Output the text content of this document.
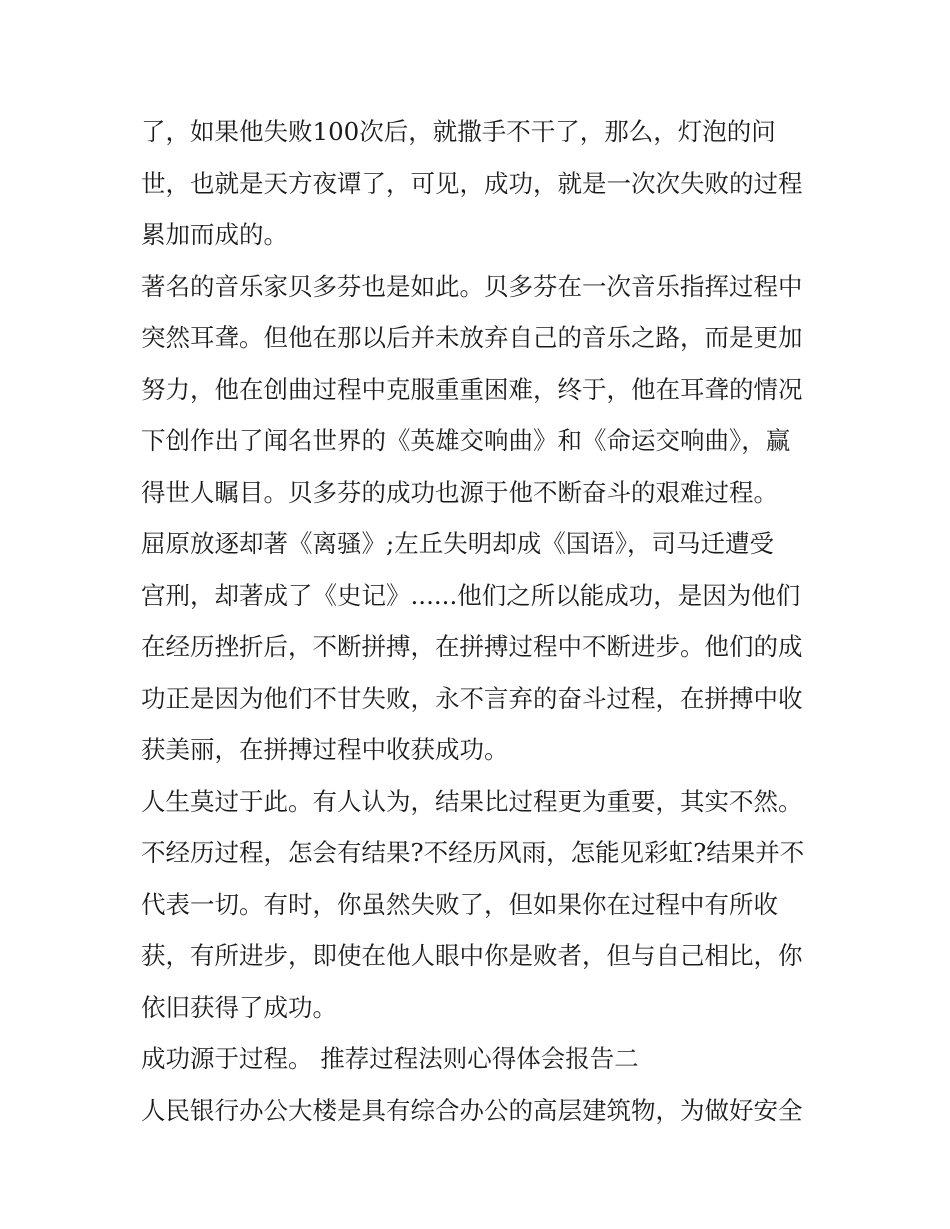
了，如果他失败100次后，就撒手不干了，那么，灯泡的问
世，也就是天方夜谭了，可见，成功，就是一次次失败的过程
累加而成的。
著名的音乐家贝多芬也是如此。贝多芬在一次音乐指挥过程中
突然耳聋。但他在那以后并未放弃自己的音乐之路，而是更加
努力，他在创曲过程中克服重重困难，终于，他在耳聋的情况
下创作出了闻名世界的《英雄交响曲》和《命运交响曲》，赢
得世人瞩目。贝多芬的成功也源于他不断奋斗的艰难过程。
屈原放逐却著《离骚》;左丘失明却成《国语》，司马迁遭受
宫刑，却著成了《史记》......他们之所以能成功，是因为他们
在经历挫折后，不断拼搏，在拼搏过程中不断进步。他们的成
功正是因为他们不甘失败，永不言弃的奋斗过程，在拼搏中收
获美丽，在拼搏过程中收获成功。
人生莫过于此。有人认为，结果比过程更为重要，其实不然。
不经历过程，怎会有结果?不经历风雨，怎能见彩虹?结果并不
代表一切。有时，你虽然失败了，但如果你在过程中有所收
获，有所进步，即使在他人眼中你是败者，但与自己相比，你
依旧获得了成功。
成功源于过程。 推荐过程法则心得体会报告二
人民银行办公大楼是具有综合办公的高层建筑物，为做好安全
